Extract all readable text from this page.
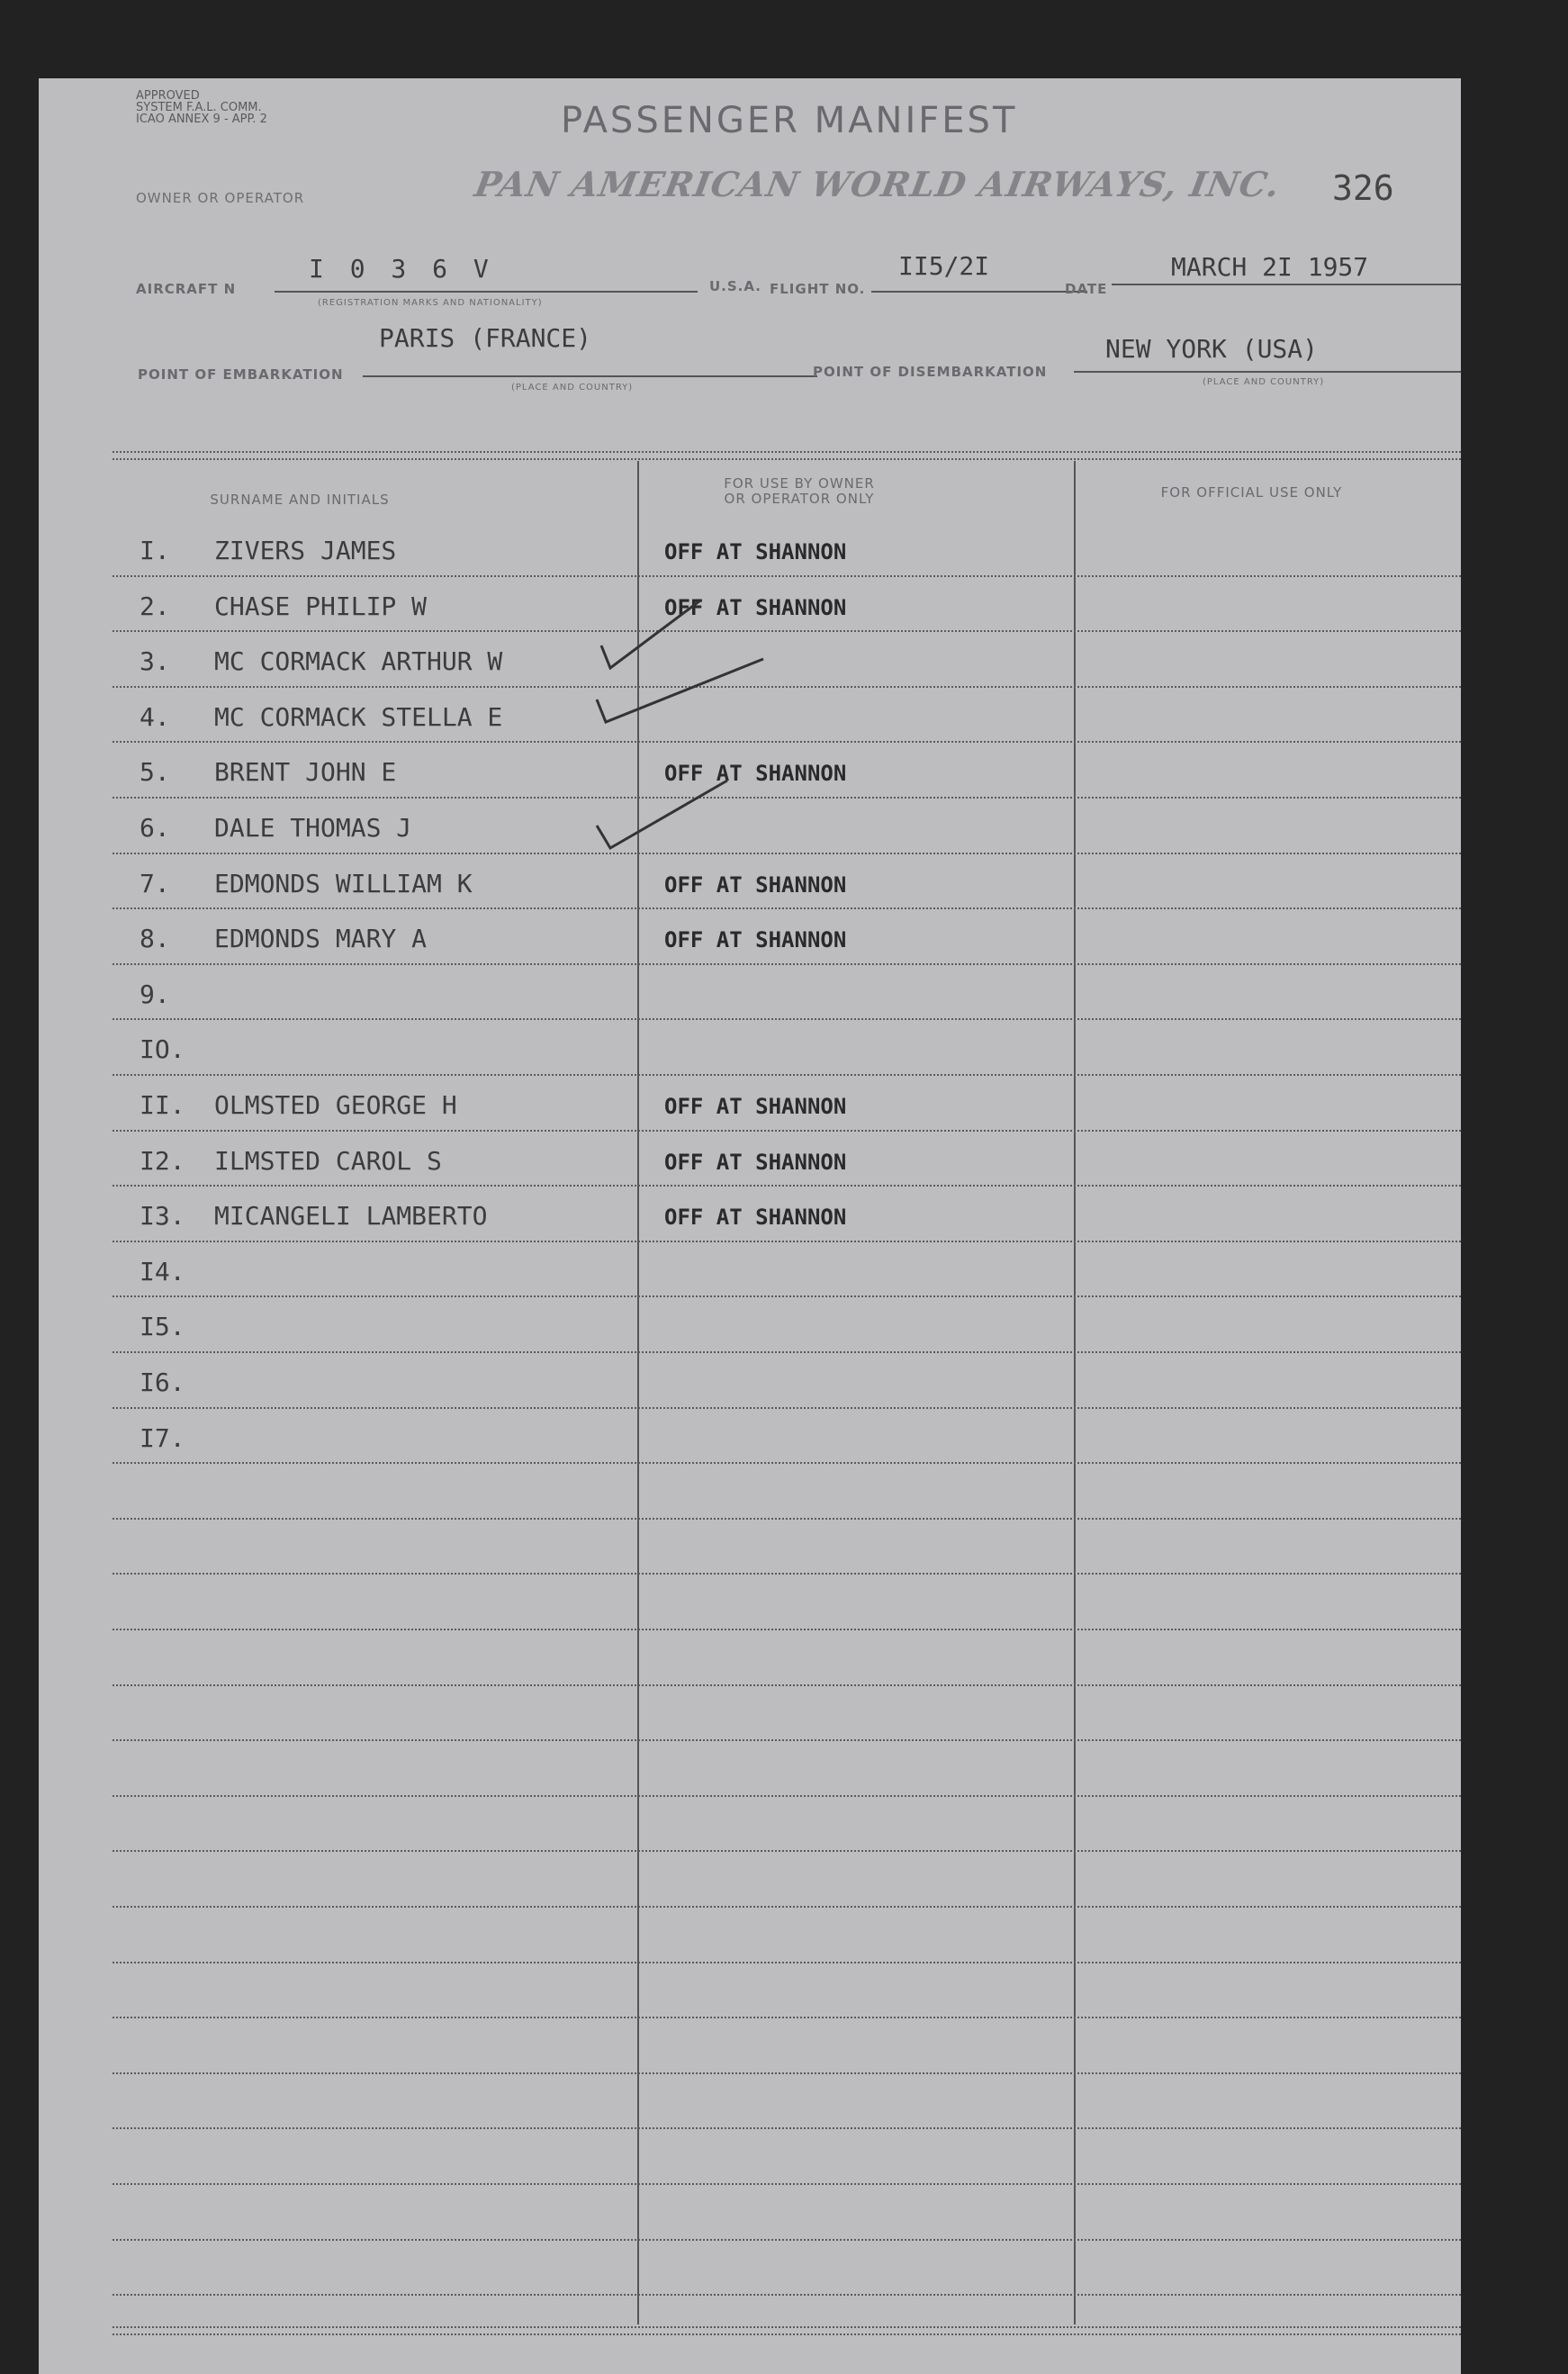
APPROVED
SYSTEM F.A.L. COMM.
ICAO ANNEX 9 - APP. 2	PASSENGER MANIFEST
OWNER OR OPERATOR	PAN AMERICAN WORLD AIRWAYS, INC. 326
AIRCRAFT N
I 0 3 6 V
(REGISTRATION MARKS AND NATIONALITY)
U.S.A. FLIGHT NO.
II5/2I
DATE
MARCH 2I 1957
POINT OF EMBARKATION
PARIS (FRANCE)
(PLACE AND COUNTRY)
POINT OF DISEMBARKATION
NEW YORK (USA)
(PLACE AND COUNTRY)
SURNAME AND INITIALS
FOR USE BY OWNER
OR OPERATOR ONLY	FOR OFFICIAL USE ONLY
I.	ZIVERS JAMES	OFF AT SHANNON
2.	CHASE PHILIP W	OFF AT SHANNON
3.	MC CORMACK ARTHUR W
4.	MC CORMACK STELLA E
5.	BRENT JOHN E	OFF AT SHANNON
6.	DALE THOMAS J
7.	EDMONDS WILLIAM K	OFF AT SHANNON
8.	EDMONDS MARY A	OFF AT SHANNON
9.
IO.
II.	OLMSTED GEORGE H	OFF AT SHANNON
I2.	ILMSTED CAROL S	OFF AT SHANNON
I3.	MICANGELI LAMBERTO	OFF AT SHANNON
I4.
I5.
I6.
I7.
